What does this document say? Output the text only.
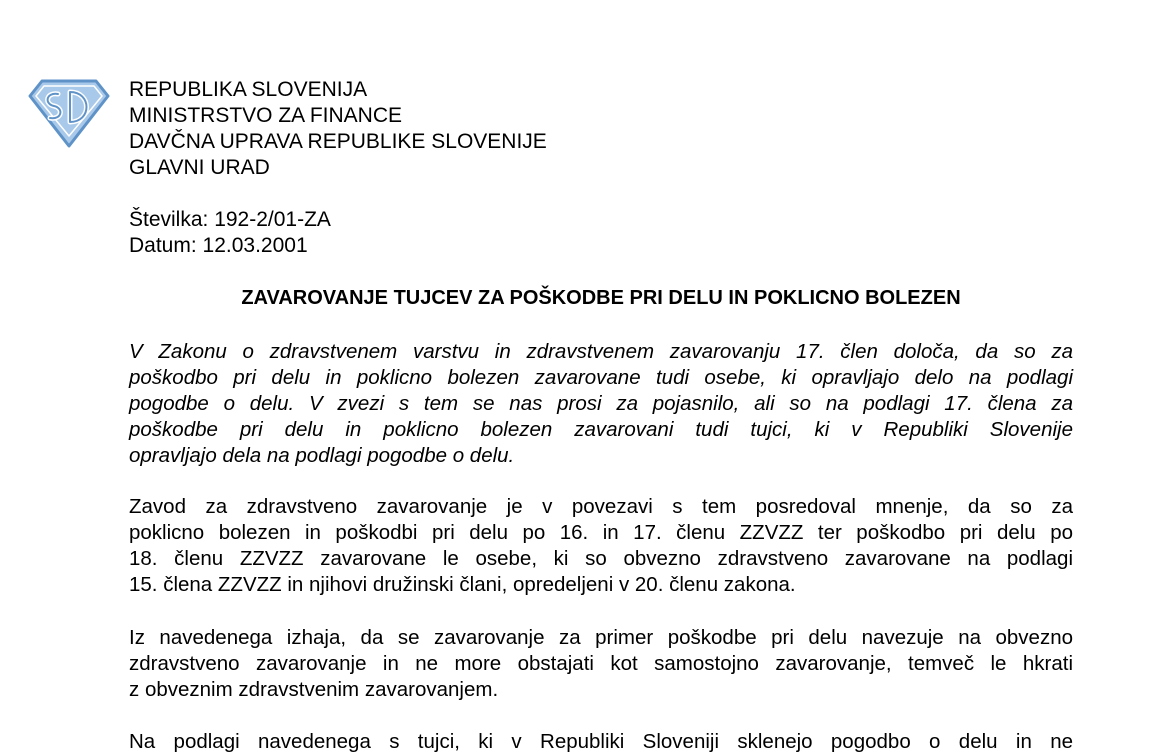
REPUBLIKA SLOVENIJA
MINISTRSTVO ZA FINANCE
DAVČNA UPRAVA REPUBLIKE SLOVENIJE
GLAVNI URAD
Številka: 192-2/01-ZA
Datum: 12.03.2001
ZAVAROVANJE TUJCEV ZA POŠKODBE PRI DELU IN POKLICNO BOLEZEN
V Zakonu o zdravstvenem varstvu in zdravstvenem zavarovanju 17. člen določa, da so za
poškodbo pri delu in poklicno bolezen zavarovane tudi osebe, ki opravljajo delo na podlagi
pogodbe o delu. V zvezi s tem se nas prosi za pojasnilo, ali so na podlagi 17. člena za
poškodbe pri delu in poklicno bolezen zavarovani tudi tujci, ki v Republiki Slovenije
opravljajo dela na podlagi pogodbe o delu.
Zavod za zdravstveno zavarovanje je v povezavi s tem posredoval mnenje, da so za
poklicno bolezen in poškodbi pri delu po 16. in 17. členu ZZVZZ ter poškodbo pri delu po
18. členu ZZVZZ zavarovane le osebe, ki so obvezno zdravstveno zavarovane na podlagi
15. člena ZZVZZ in njihovi družinski člani, opredeljeni v 20. členu zakona.
Iz navedenega izhaja, da se zavarovanje za primer poškodbe pri delu navezuje na obvezno
zdravstveno zavarovanje in ne more obstajati kot samostojno zavarovanje, temveč le hkrati
z obveznim zdravstvenim zavarovanjem.
Na podlagi navedenega s tujci, ki v Republiki Sloveniji sklenejo pogodbo o delu in ne
